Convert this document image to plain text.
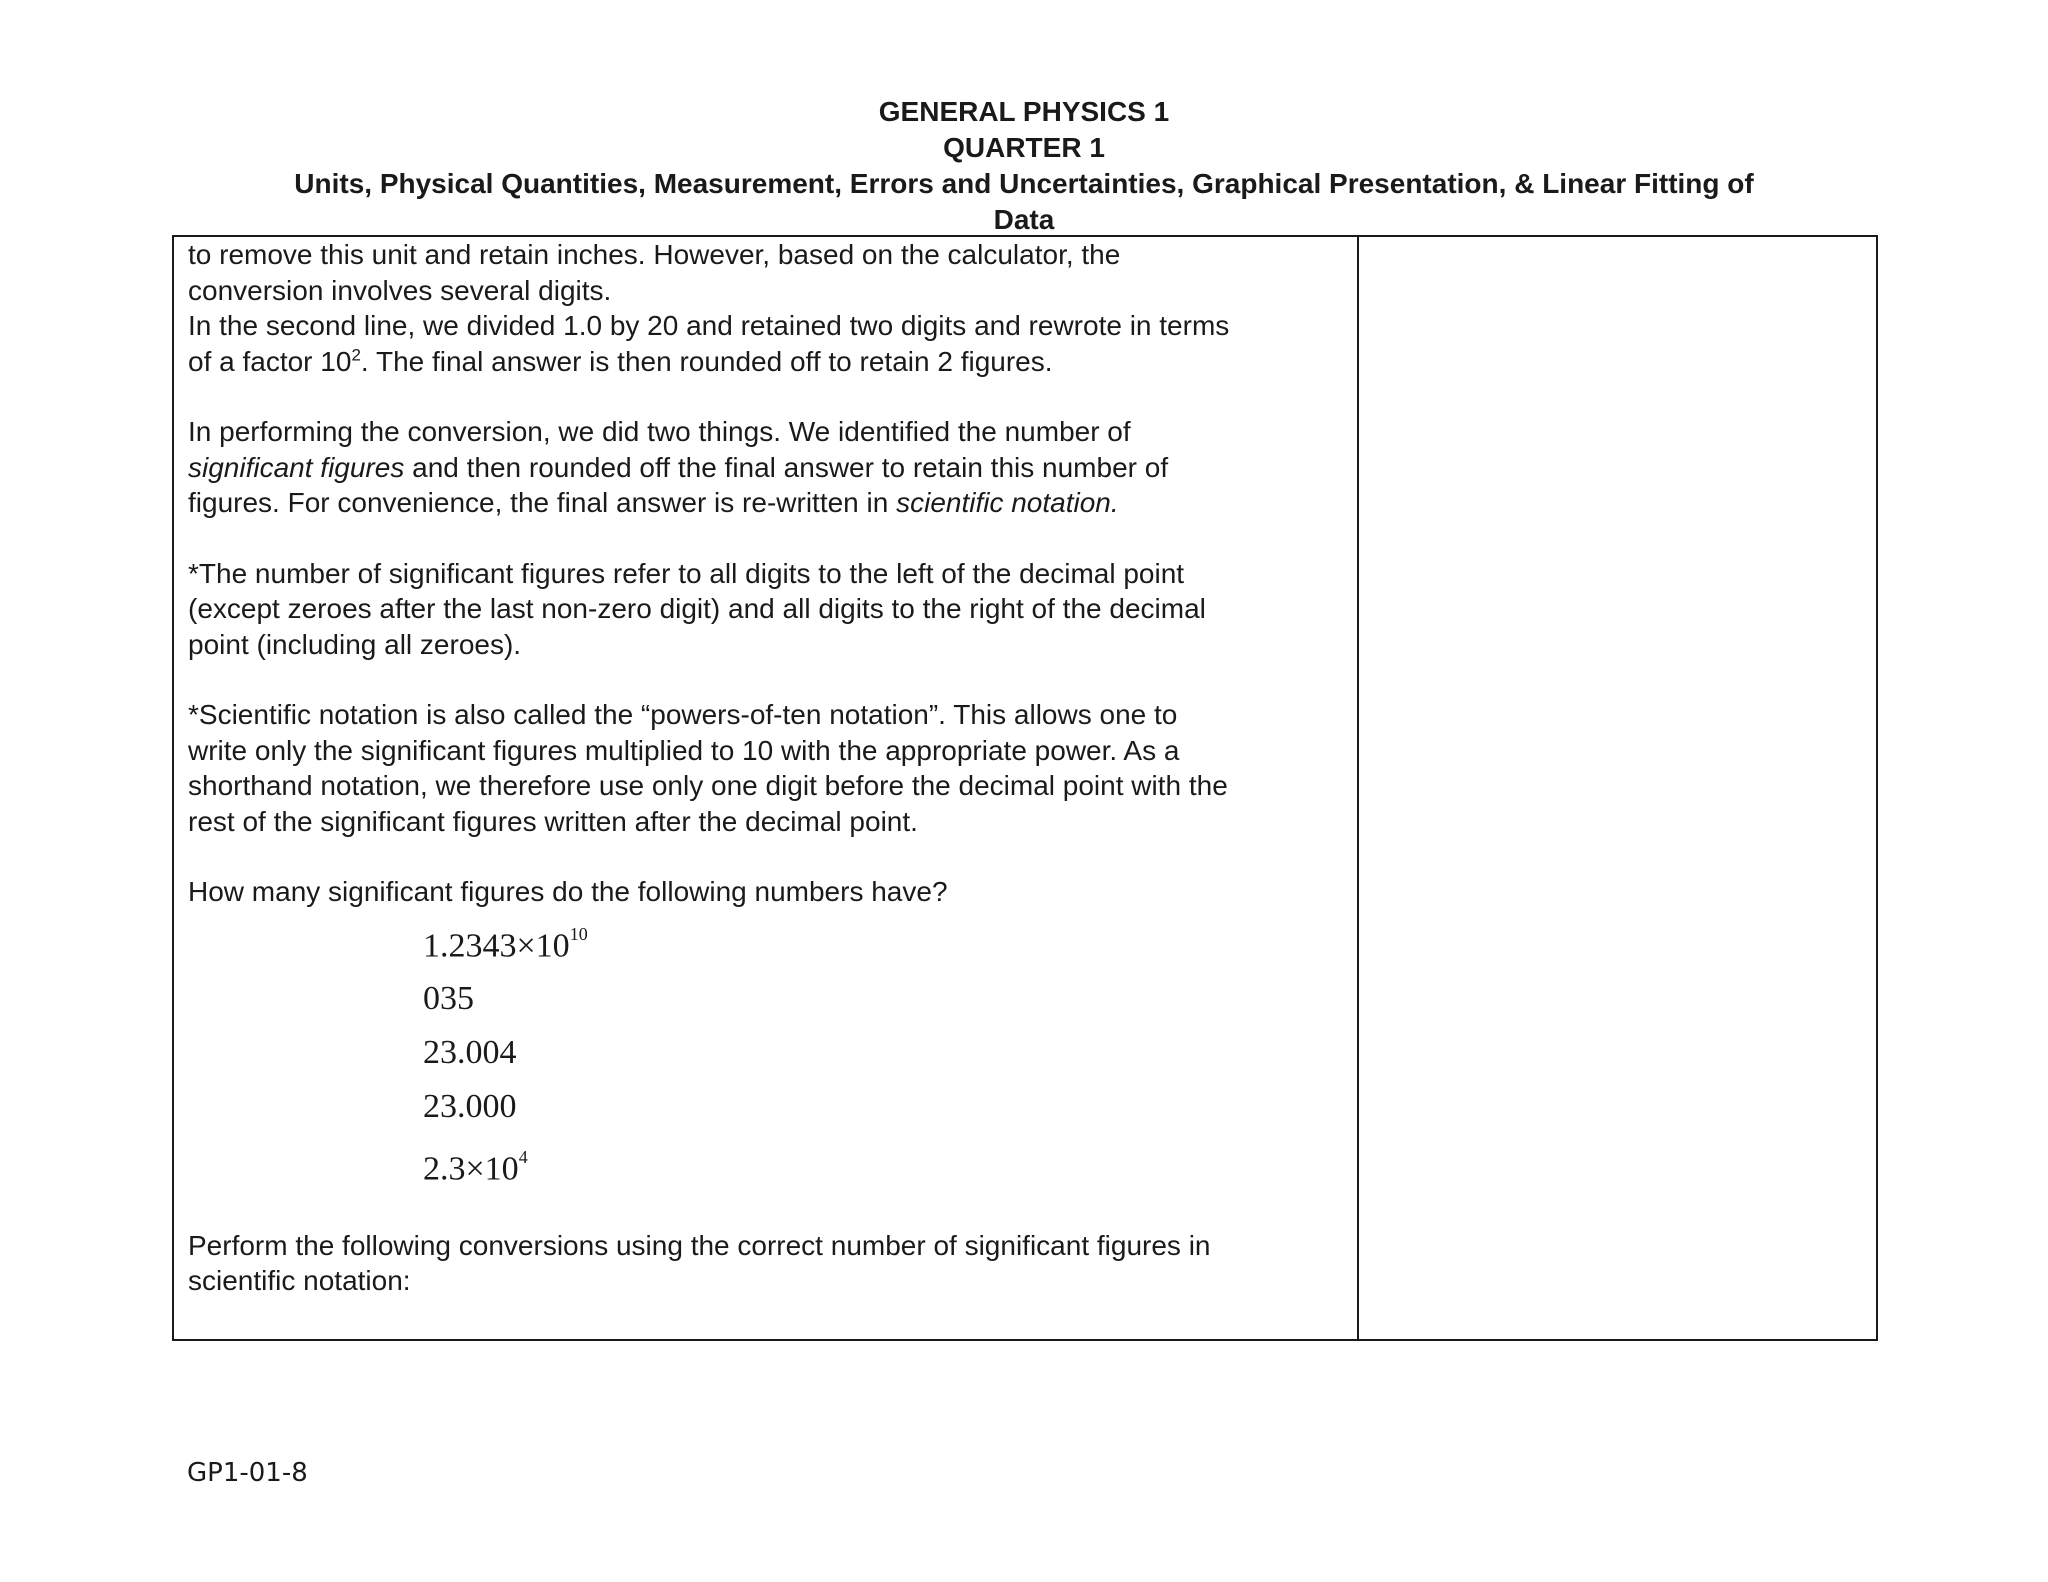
GENERAL PHYSICS 1
QUARTER 1
Units, Physical Quantities, Measurement, Errors and Uncertainties, Graphical Presentation, & Linear Fitting of
Data
to remove this unit and retain inches. However, based on the calculator, the
conversion involves several digits.
In the second line, we divided 1.0 by 20 and retained two digits and rewrote in terms
of a factor $10^2$. The final answer is then rounded off to retain 2 figures.
In performing the conversion, we did two things. We identified the number of
significant figures and then rounded off the final answer to retain this number of
figures. For convenience, the final answer is re-written in scientific notation.
*The number of significant figures refer to all digits to the left of the decimal point
(except zeroes after the last non-zero digit) and all digits to the right of the decimal
point (including all zeroes).
*Scientific notation is also called the “powers-of-ten notation”. This allows one to
write only the significant figures multiplied to 10 with the appropriate power. As a
shorthand notation, we therefore use only one digit before the decimal point with the
rest of the significant figures written after the decimal point.
How many significant figures do the following numbers have?
$1.2343\times 10^{10}$
035
23.004
23.000
$2.3\times 10^4$
Perform the following conversions using the correct number of significant figures in
scientific notation:
GP1-01-8
